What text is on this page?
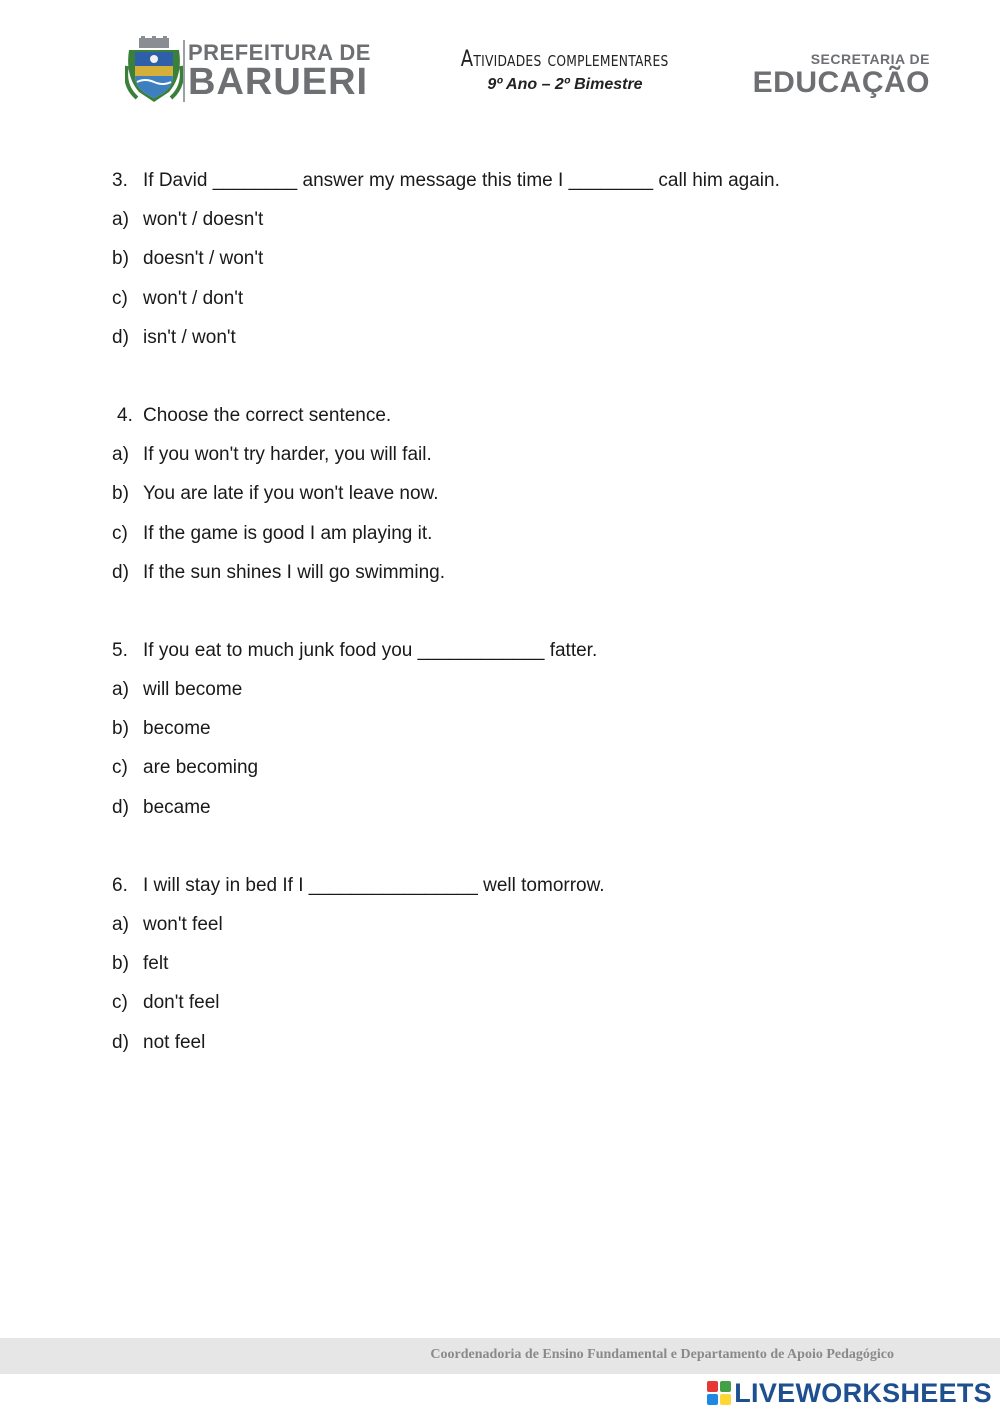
PREFEITURA DE
BARUERI
Atividades complementares
9º Ano – 2º Bimestre
SECRETARIA DE
EDUCAÇÃO
3. If David ________ answer my message this time I ________ call him again.
a) won't / doesn't
b) doesn't / won't
c) won't / don't
d) isn't / won't
4. Choose the correct sentence.
a) If you won't try harder, you will fail.
b) You are late if you won't leave now.
c) If the game is good I am playing it.
d) If the sun shines I will go swimming.
5. If you eat to much junk food you ____________ fatter.
a) will become
b) become
c) are becoming
d) became
6. I will stay in bed If I ________________ well tomorrow.
a) won't feel
b) felt
c) don't feel
d) not feel
Coordenadoria de Ensino Fundamental e Departamento de Apoio Pedagógico
LIVEWORKSHEETS
